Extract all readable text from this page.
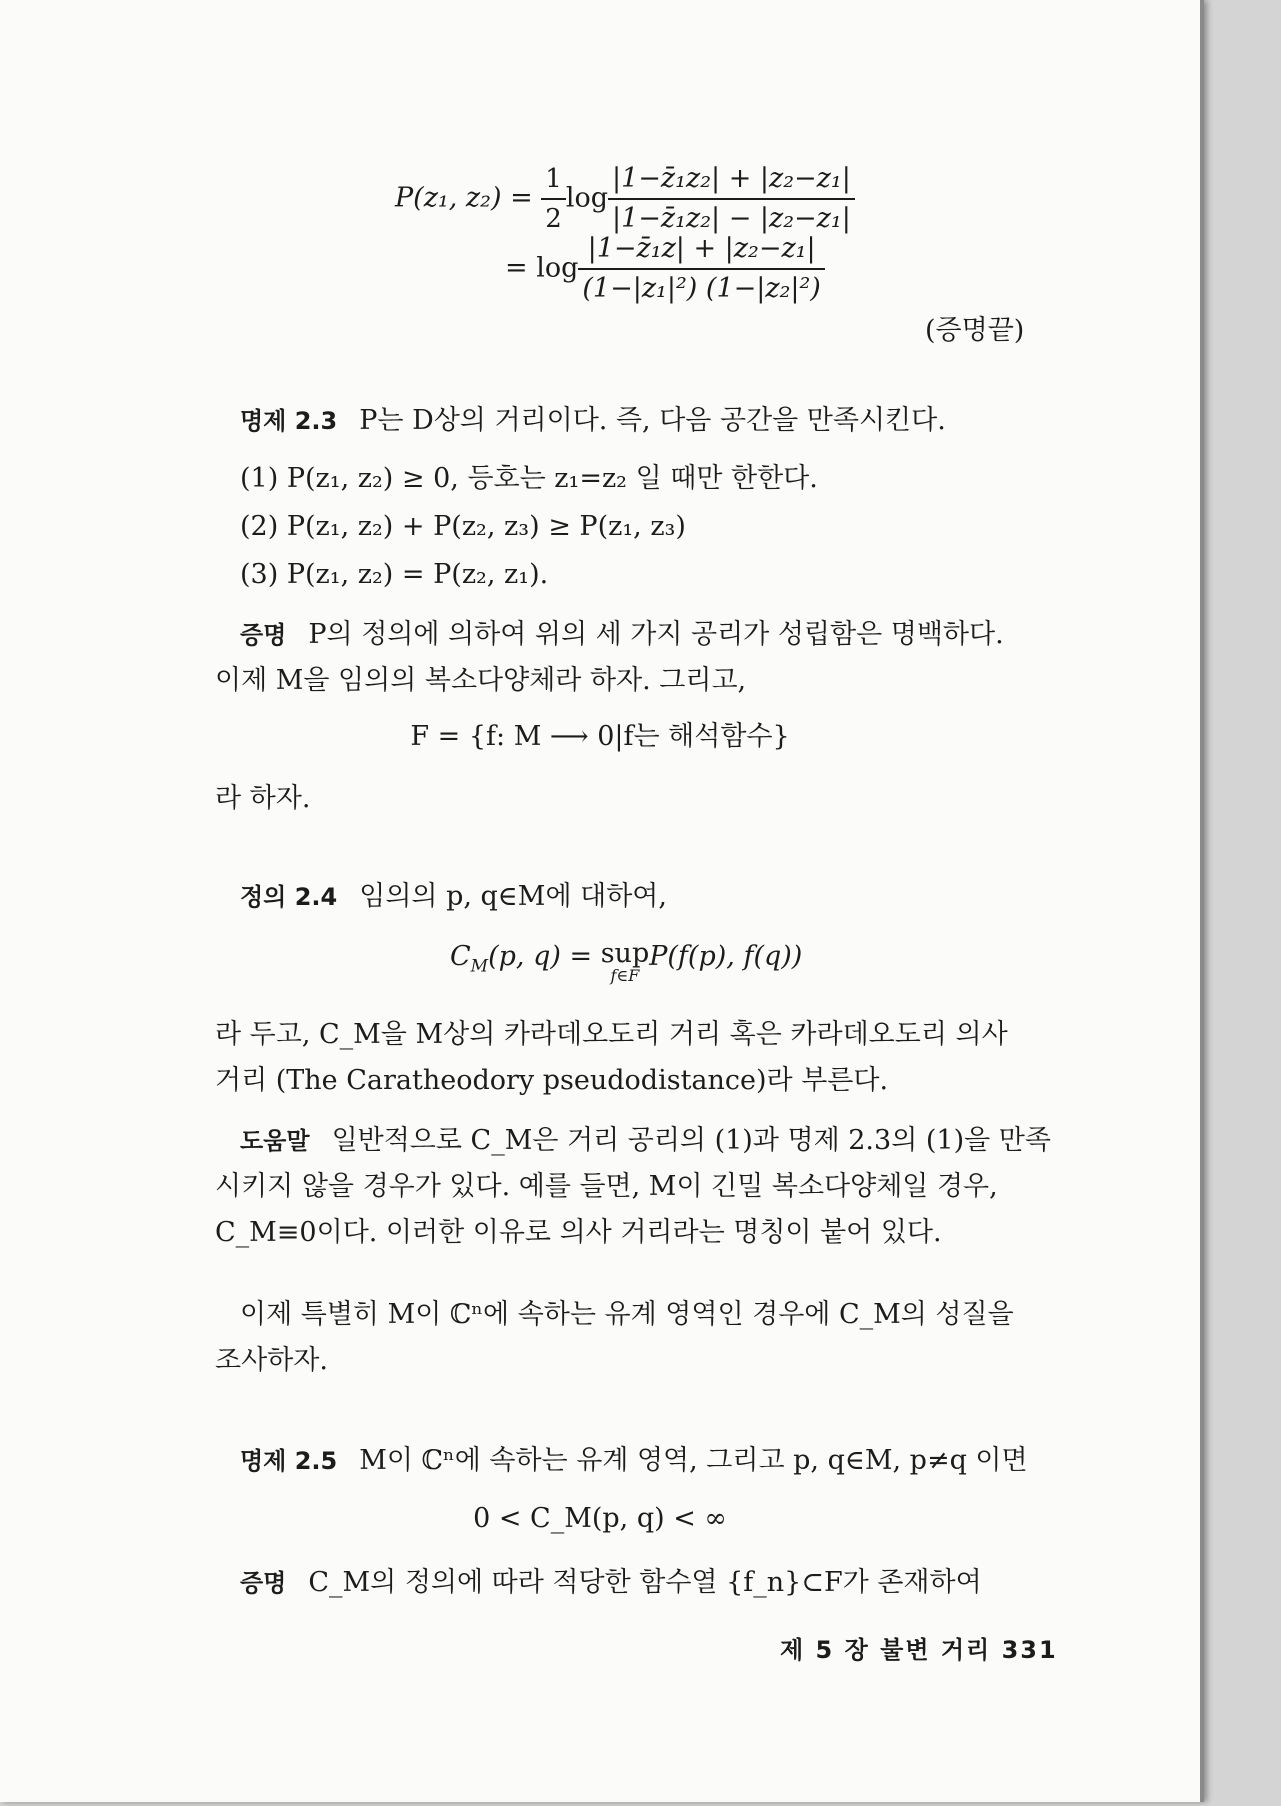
P(z₁, $z_2) = \frac{1}{2}$ $\log \frac{\text{|1−z̄₁z₂| + |z₂−z₁|}}{\text{|1−z̄₁z₂| − |z₂−z₁|}}$
= $\log \frac{\text{|1−z̄₁z| + |z₂−z₁|}}{\text{(1−|z₁|²) (1−|z₂|²)}}$
(증명끝)
명제 2.3 P는 D상의 거리이다. 즉, 다음 공간을 만족시킨다.
(1) P(z₁, z₂) ≥ 0, 등호는 z₁=z₂ 일 때만 한한다.
(2) P(z₁, z₂) + P(z₂, z₃) ≥ P(z₁, z₃)
(3) P(z₁, z₂) = P(z₂, z₁).
증명 P의 정의에 의하여 위의 세 가지 공리가 성립함은 명백하다.
이제 M을 임의의 복소다양체라 하자. 그리고,
F = {f: M ⟶ 0|f는 해석함수}
라 하자.
정의 2.4 임의의 p, q∈M에 대하여,
$C_M(p$, q) = sup
f∈F
P(f(p), f(q))
라 두고, C_M을 M상의 카라데오도리 거리 혹은 카라데오도리 의사
거리 (The Caratheodory pseudodistance)라 부른다.
도움말 일반적으로 C_M은 거리 공리의 (1)과 명제 2.3의 (1)을 만족
시키지 않을 경우가 있다. 예를 들면, M이 긴밀 복소다양체일 경우,
C_M≡0이다. 이러한 이유로 의사 거리라는 명칭이 붙어 있다.
이제 특별히 M이 ℂⁿ에 속하는 유계 영역인 경우에 C_M의 성질을
조사하자.
명제 2.5 M이 ℂⁿ에 속하는 유계 영역, 그리고 p, q∈M, p≠q 이면
0 < C_M(p, q) < ∞
증명 C_M의 정의에 따라 적당한 함수열 {f_n}⊂F가 존재하여
제 5 장 불변 거리 331
